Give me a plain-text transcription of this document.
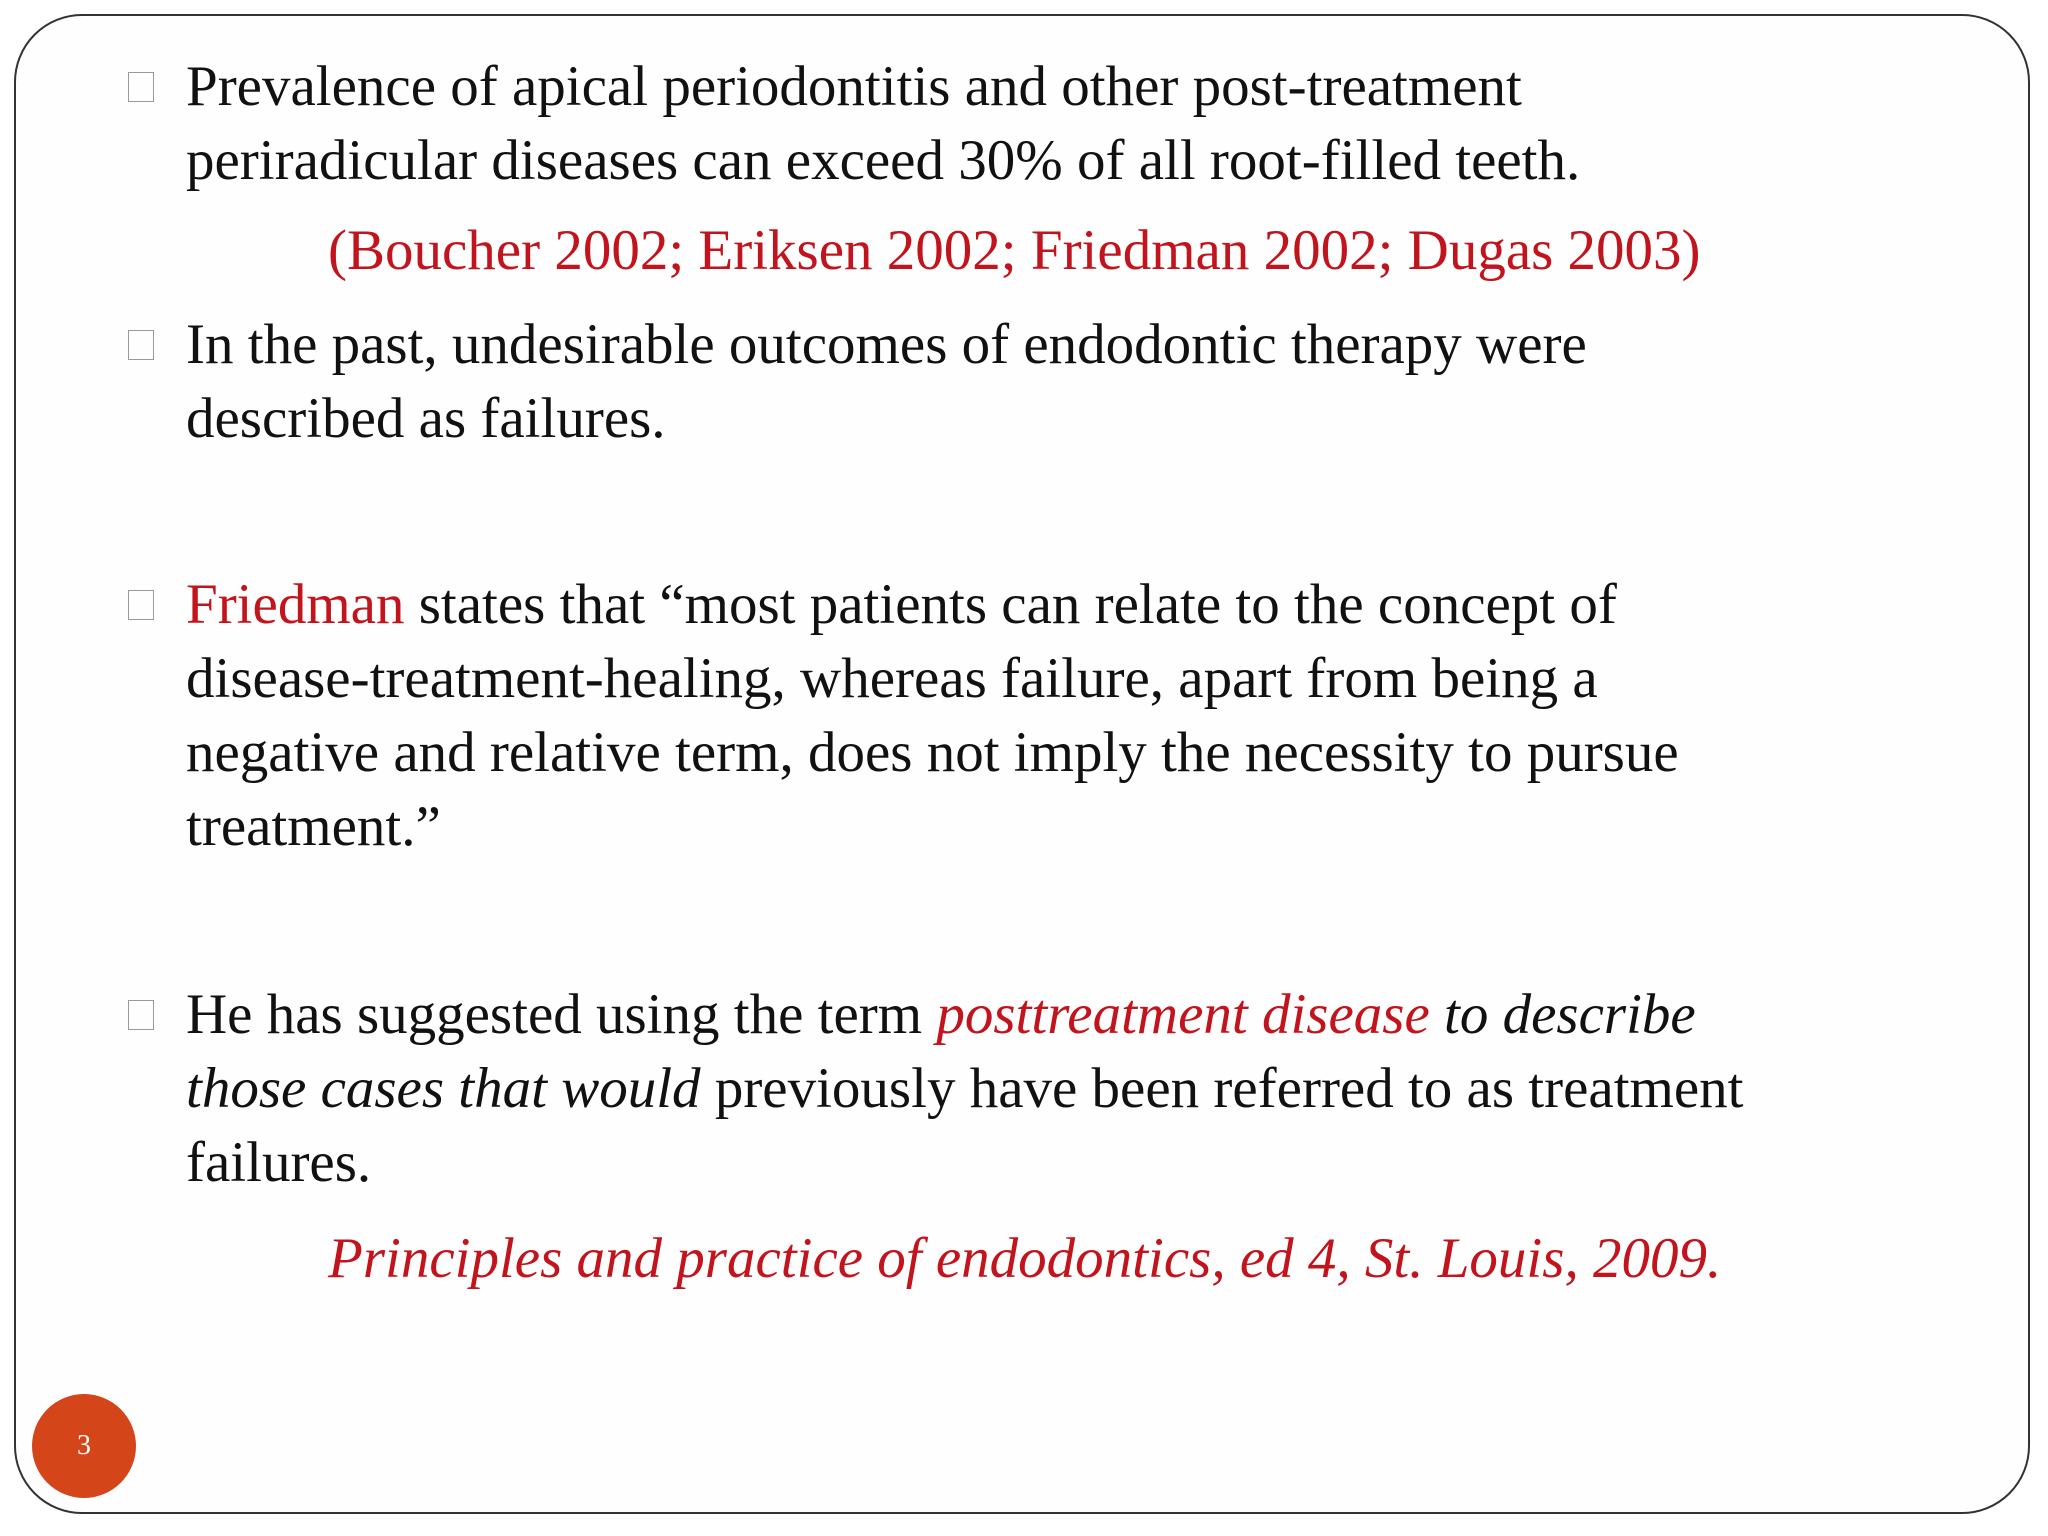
Prevalence of apical periodontitis and other post-treatment
periradicular diseases can exceed 30% of all root-filled teeth.
(Boucher 2002; Eriksen 2002; Friedman 2002; Dugas 2003)
In the past, undesirable outcomes of endodontic therapy were
described as failures.
Friedman states that “most patients can relate to the concept of
disease-treatment-healing, whereas failure, apart from being a
negative and relative term, does not imply the necessity to pursue
treatment.”
He has suggested using the term posttreatment disease to describe
those cases that would previously have been referred to as treatment
failures.
Principles and practice of endodontics, ed 4, St. Louis, 2009.
3
